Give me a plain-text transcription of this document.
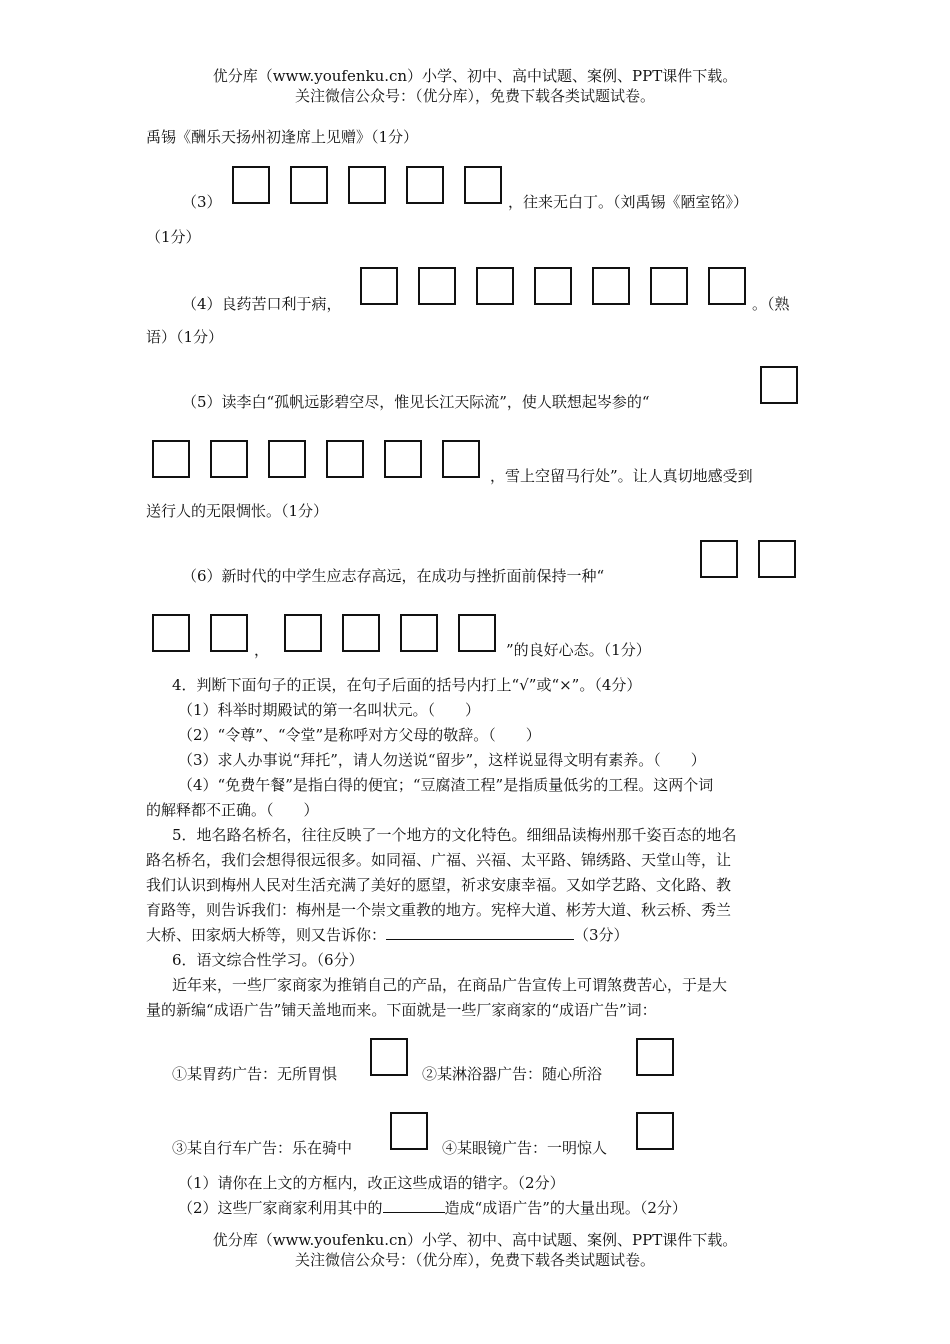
优分库（www.youfenku.cn）小学、初中、高中试题、案例、PPT课件下载。
关注微信公众号：（优分库），免费下载各类试题试卷。
禹锡《酬乐天扬州初逢席上见赠》（1分）
（3）	，往来无白丁。（刘禹锡《陋室铭》）
（1分）
（4）良药苦口利于病，	。（熟
语）（1分）
（5）读李白“孤帆远影碧空尽，惟见长江天际流”，使人联想起岑参的“
，雪上空留马行处”。让人真切地感受到
送行人的无限惆怅。（1分）
（6）新时代的中学生应志存高远，在成功与挫折面前保持一种“
，	”的良好心态。（1分）
4．判断下面句子的正误，在句子后面的括号内打上“√”或“×”。（4分）
（1）科举时期殿试的第一名叫状元。（　　）
（2）“令尊”、“令堂”是称呼对方父母的敬辞。（　　）
（3）求人办事说“拜托”，请人勿送说“留步”，这样说显得文明有素养。（　　）
（4）“免费午餐”是指白得的便宜；“豆腐渣工程”是指质量低劣的工程。这两个词
的解释都不正确。（　　）
5．地名路名桥名，往往反映了一个地方的文化特色。细细品读梅州那千姿百态的地名
路名桥名，我们会想得很远很多。如同福、广福、兴福、太平路、锦绣路、天堂山等，让
我们认识到梅州人民对生活充满了美好的愿望，祈求安康幸福。又如学艺路、文化路、教
育路等，则告诉我们：梅州是一个崇文重教的地方。宪梓大道、彬芳大道、秋云桥、秀兰
大桥、田家炳大桥等，则又告诉你：	（3分）
6．语文综合性学习。（6分）
近年来，一些厂家商家为推销自己的产品，在商品广告宣传上可谓煞费苦心，于是大
量的新编“成语广告”铺天盖地而来。下面就是一些厂家商家的“成语广告”词：
①某胃药广告：无所胃惧	②某淋浴器广告：随心所浴
③某自行车广告：乐在骑中	④某眼镜广告：一明惊人
（1）请你在上文的方框内，改正这些成语的错字。（2分）
（2）这些厂家商家利用其中的	造成“成语广告”的大量出现。（2分）
优分库（www.youfenku.cn）小学、初中、高中试题、案例、PPT课件下载。
关注微信公众号：（优分库），免费下载各类试题试卷。
